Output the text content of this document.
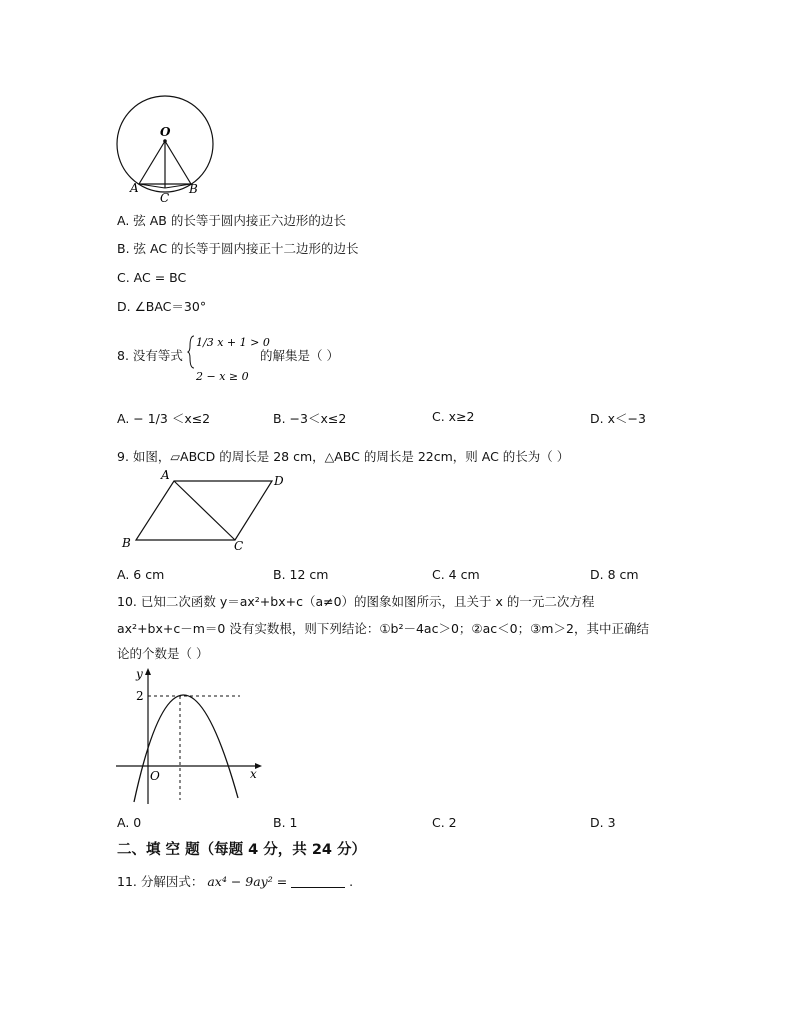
O
A	B
C
A. 弦 AB 的长等于圆内接正六边形的边长
B. 弦 AC 的长等于圆内接正十二边形的边长
C. AC = BC
D. ∠BAC＝30°
8. 没有等式
1/3 x + 1 > 0
2 − x ≥ 0
的解集是（ ）
A. − 1/3 ＜x≤2	B. −3＜x≤2	C. x≥2	D. x＜−3
9. 如图，▱ABCD 的周长是 28 cm，△ABC 的周长是 22cm，则 AC 的长为（ ）
A	D
B	C
A. 6 cm	B. 12 cm	C. 4 cm	D. 8 cm
10. 已知二次函数 y＝ax²+bx+c（a≠0）的图象如图所示，且关于 x 的一元二次方程
ax²+bx+c－m＝0 没有实数根，则下列结论：①b²－4ac＞0；②ac＜0；③m＞2，其中正确结
论的个数是（ ）
y
2
O	x
A. 0	B. 1	C. 2	D. 3
二、填 空 题（每题 4 分，共 24 分）
11. 分解因式： ax⁴ − 9ay² =	.
